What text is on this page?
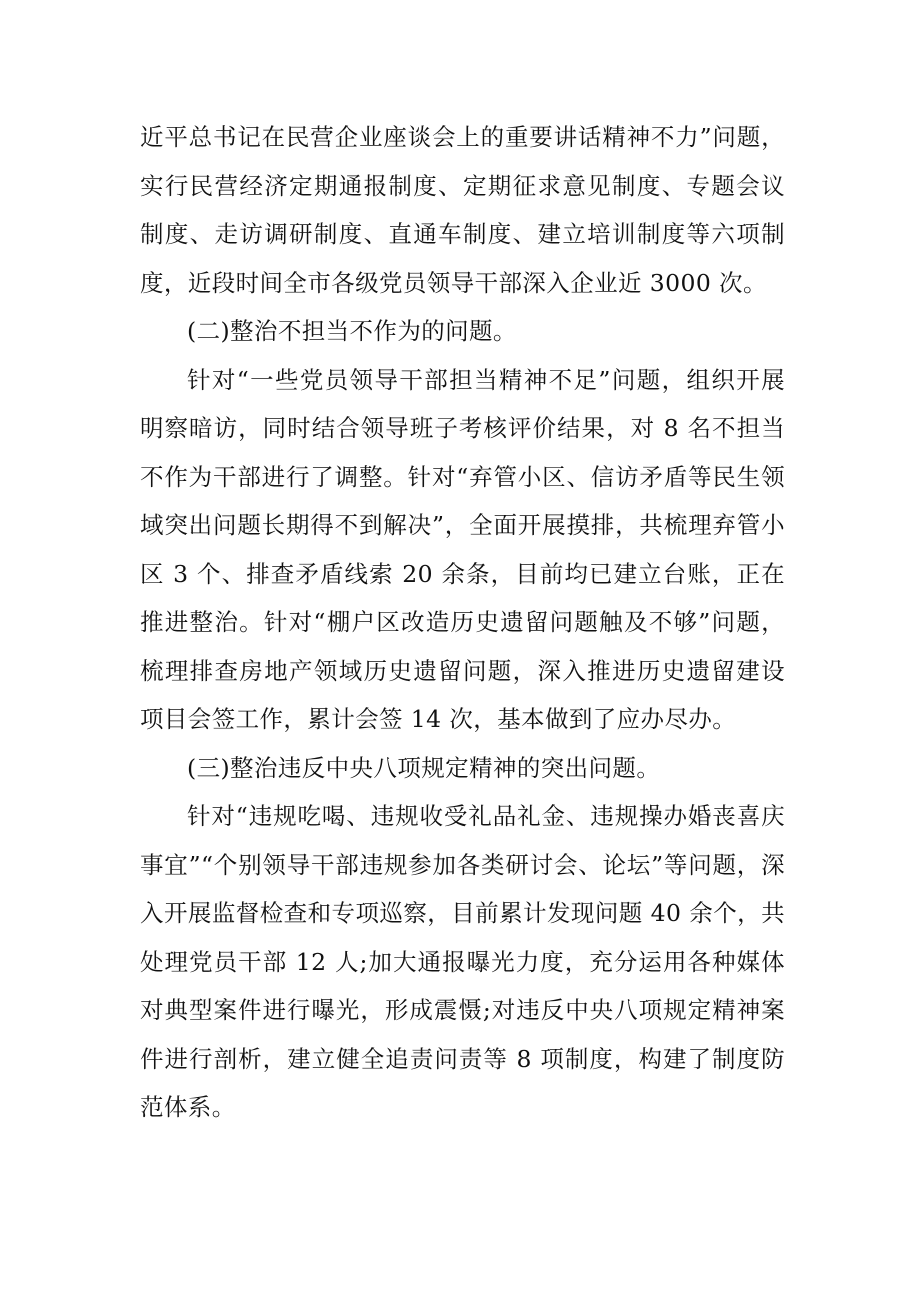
近平总书记在民营企业座谈会上的重要讲话精神不力”问题，实行民营经济定期通报制度、定期征求意见制度、专题会议制度、走访调研制度、直通车制度、建立培训制度等六项制度，近段时间全市各级党员领导干部深入企业近 3000 次。

(二)整治不担当不作为的问题。

针对“一些党员领导干部担当精神不足”问题，组织开展明察暗访，同时结合领导班子考核评价结果，对 8 名不担当不作为干部进行了调整。针对“弃管小区、信访矛盾等民生领域突出问题长期得不到解决”，全面开展摸排，共梳理弃管小区 3 个、排查矛盾线索 20 余条，目前均已建立台账，正在推进整治。针对“棚户区改造历史遗留问题触及不够”问题，梳理排查房地产领域历史遗留问题，深入推进历史遗留建设项目会签工作，累计会签 14 次，基本做到了应办尽办。

(三)整治违反中央八项规定精神的突出问题。

针对“违规吃喝、违规收受礼品礼金、违规操办婚丧喜庆事宜”“个别领导干部违规参加各类研讨会、论坛”等问题，深入开展监督检查和专项巡察，目前累计发现问题 40 余个，共处理党员干部 12 人;加大通报曝光力度，充分运用各种媒体对典型案件进行曝光，形成震慑;对违反中央八项规定精神案件进行剖析，建立健全追责问责等 8 项制度，构建了制度防范体系。
